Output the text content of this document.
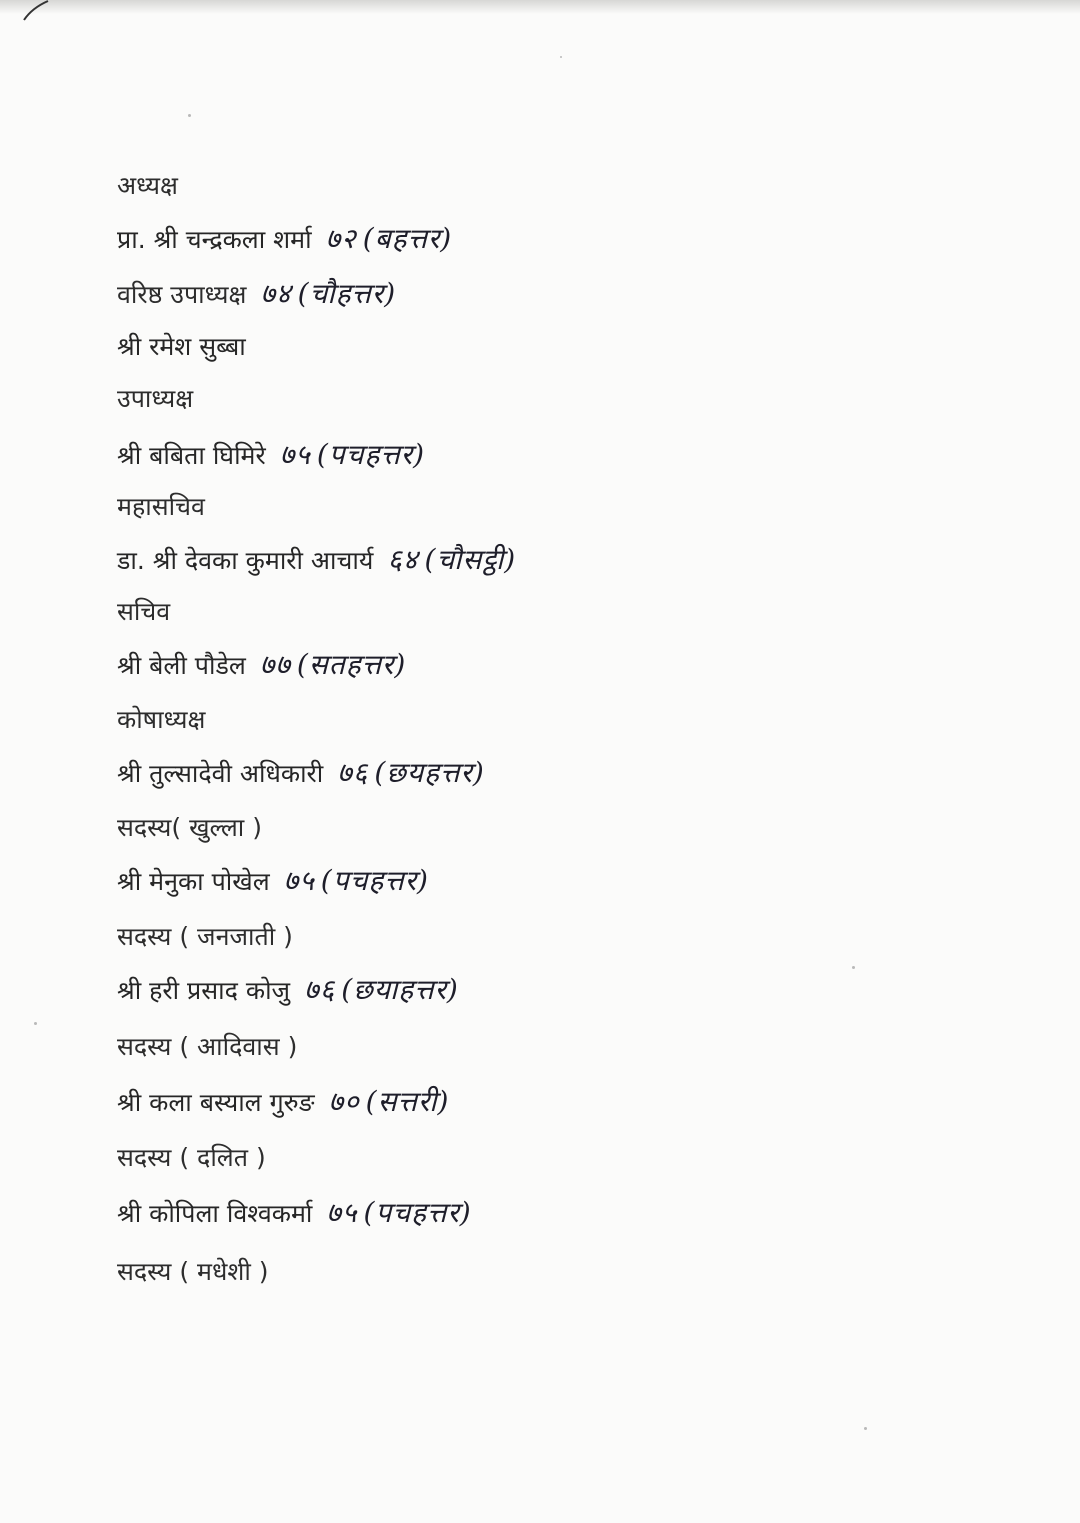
अध्यक्ष
प्रा. श्री चन्द्रकला शर्मा ७२ (बहत्तर)
वरिष्ठ उपाध्यक्ष ७४ (चौहत्तर)
श्री रमेश सुब्बा
उपाध्यक्ष
श्री बबिता घिमिरे ७५ (पचहत्तर)
महासचिव
डा. श्री देवका कुमारी आचार्य ६४ (चौसट्ठी)
सचिव
श्री बेली पौडेल ७७ (सतहत्तर)
कोषाध्यक्ष
श्री तुल्सादेवी अधिकारी ७६ (छयहत्तर)
सदस्य( खुल्ला )
श्री मेनुका पोखेल ७५ (पचहत्तर)
सदस्य ( जनजाती )
श्री हरी प्रसाद कोजु ७६ (छयाहत्तर)
सदस्य ( आदिवास )
श्री कला बस्याल गुरुङ ७० (सत्तरी)
सदस्य ( दलित )
श्री कोपिला विश्वकर्मा ७५ (पचहत्तर)
सदस्य ( मधेशी )
